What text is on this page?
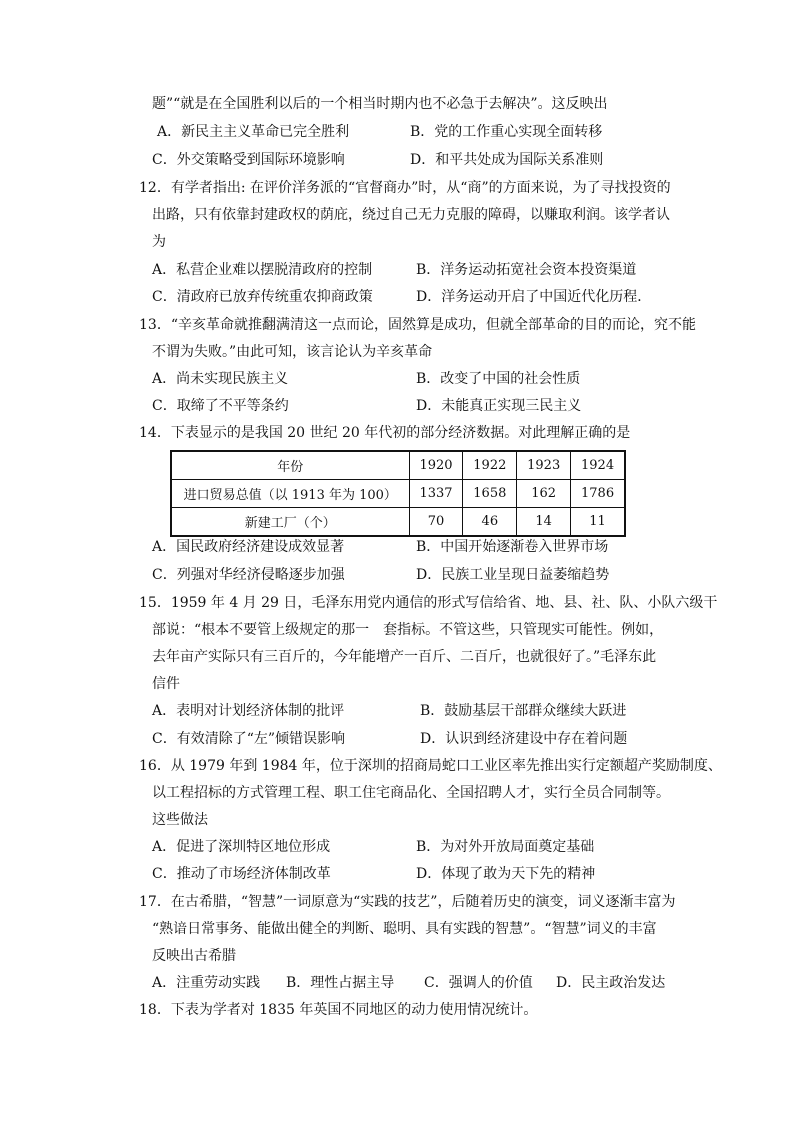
题”“就是在全国胜利以后的一个相当时期内也不必急于去解决”。这反映出
A．新民主主义革命已完全胜利	B．党的工作重心实现全面转移
C．外交策略受到国际环境影响	D．和平共处成为国际关系准则
12．有学者指出: 在评价洋务派的“官督商办”时，从“商”的方面来说，为了寻找投资的
出路，只有依靠封建政权的荫庇，绕过自己无力克服的障碍，以赚取利润。该学者认
为
A．私营企业难以摆脱清政府的控制	B．洋务运动拓宽社会资本投资渠道
C．清政府已放弃传统重农抑商政策	D．洋务运动开启了中国近代化历程．
13．“辛亥革命就推翻满清这一点而论，固然算是成功，但就全部革命的目的而论，究不能
不谓为失败。”由此可知，该言论认为辛亥革命
A．尚未实现民族主义	B．改变了中国的社会性质
C．取缔了不平等条约	D．未能真正实现三民主义
14．下表显示的是我国 20 世纪 20 年代初的部分经济数据。对此理解正确的是
年份	1920	1922	1923	1924
进口贸易总值（以 1913 年为 100）	1337	1658	162	1786
新建工厂（个）	70	46	14	11
A．国民政府经济建设成效显著	B．中国开始逐渐卷入世界市场
C．列强对华经济侵略逐步加强	D．民族工业呈现日益萎缩趋势
15．1959 年 4 月 29 日，毛泽东用党内通信的形式写信给省、地、县、社、队、小队六级干
部说：“根本不要管上级规定的那一　套指标。不管这些，只管现实可能性。例如，
去年亩产实际只有三百斤的，今年能增产一百斤、二百斤，也就很好了。”毛泽东此
信件
A．表明对计划经济体制的批评	B．鼓励基层干部群众继续大跃进
C．有效清除了“左”倾错误影响	D．认识到经济建设中存在着问题
16．从 1979 年到 1984 年，位于深圳的招商局蛇口工业区率先推出实行定额超产奖励制度、
以工程招标的方式管理工程、职工住宅商品化、全国招聘人才，实行全员合同制等。
这些做法
A．促进了深圳特区地位形成	B．为对外开放局面奠定基础
C．推动了市场经济体制改革	D．体现了敢为天下先的精神
17．在古希腊，“智慧”一词原意为“实践的技艺”，后随着历史的演变，词义逐渐丰富为
“熟谙日常事务、能做出健全的判断、聪明、具有实践的智慧”。“智慧”词义的丰富
反映出古希腊
A．注重劳动实践 B．理性占据主导 C．强调人的价值 D．民主政治发达
18．下表为学者对 1835 年英国不同地区的动力使用情况统计。
